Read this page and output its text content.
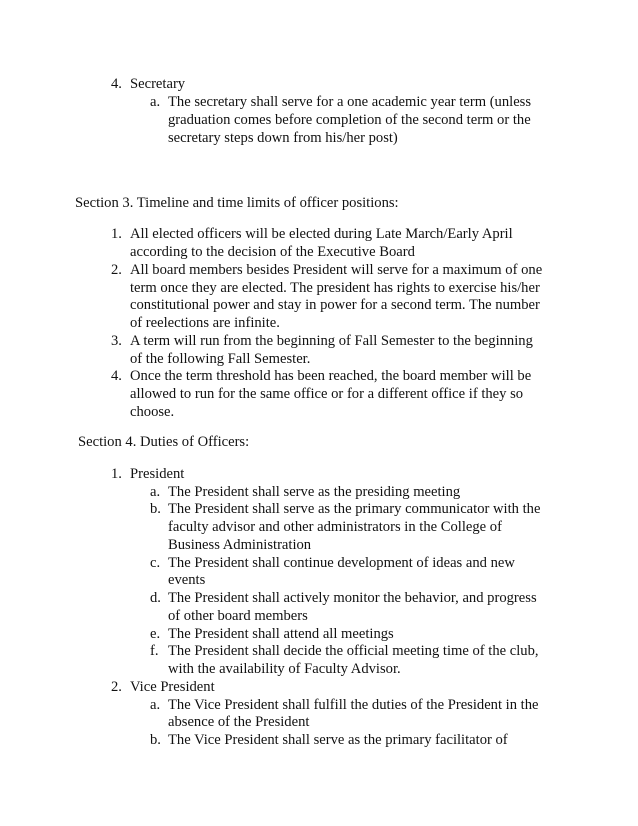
4. Secretary
a. The secretary shall serve for a one academic year term (unless
graduation comes before completion of the second term or the
secretary steps down from his/her post)
Section 3. Timeline and time limits of officer positions:
1. All elected officers will be elected during Late March/Early April
according to the decision of the Executive Board
2. All board members besides President will serve for a maximum of one
term once they are elected. The president has rights to exercise his/her
constitutional power and stay in power for a second term. The number
of reelections are infinite.
3. A term will run from the beginning of Fall Semester to the beginning
of the following Fall Semester.
4. Once the term threshold has been reached, the board member will be
allowed to run for the same office or for a different office if they so
choose.
Section 4. Duties of Officers:
1. President
a. The President shall serve as the presiding meeting
b. The President shall serve as the primary communicator with the
faculty advisor and other administrators in the College of
Business Administration
c. The President shall continue development of ideas and new
events
d. The President shall actively monitor the behavior, and progress
of other board members
e. The President shall attend all meetings
f. The President shall decide the official meeting time of the club,
with the availability of Faculty Advisor.
2. Vice President
a. The Vice President shall fulfill the duties of the President in the
absence of the President
b. The Vice President shall serve as the primary facilitator of
